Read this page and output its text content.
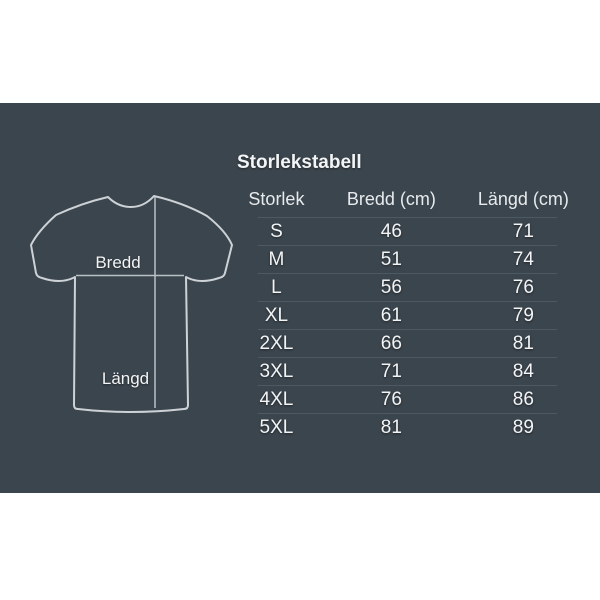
Bredd
Längd
Storlekstabell
Storlek	Bredd (cm)	Längd (cm)
S	46	71
M	51	74
L	56	76
XL	61	79
2XL	66	81
3XL	71	84
4XL	76	86
5XL	81	89
